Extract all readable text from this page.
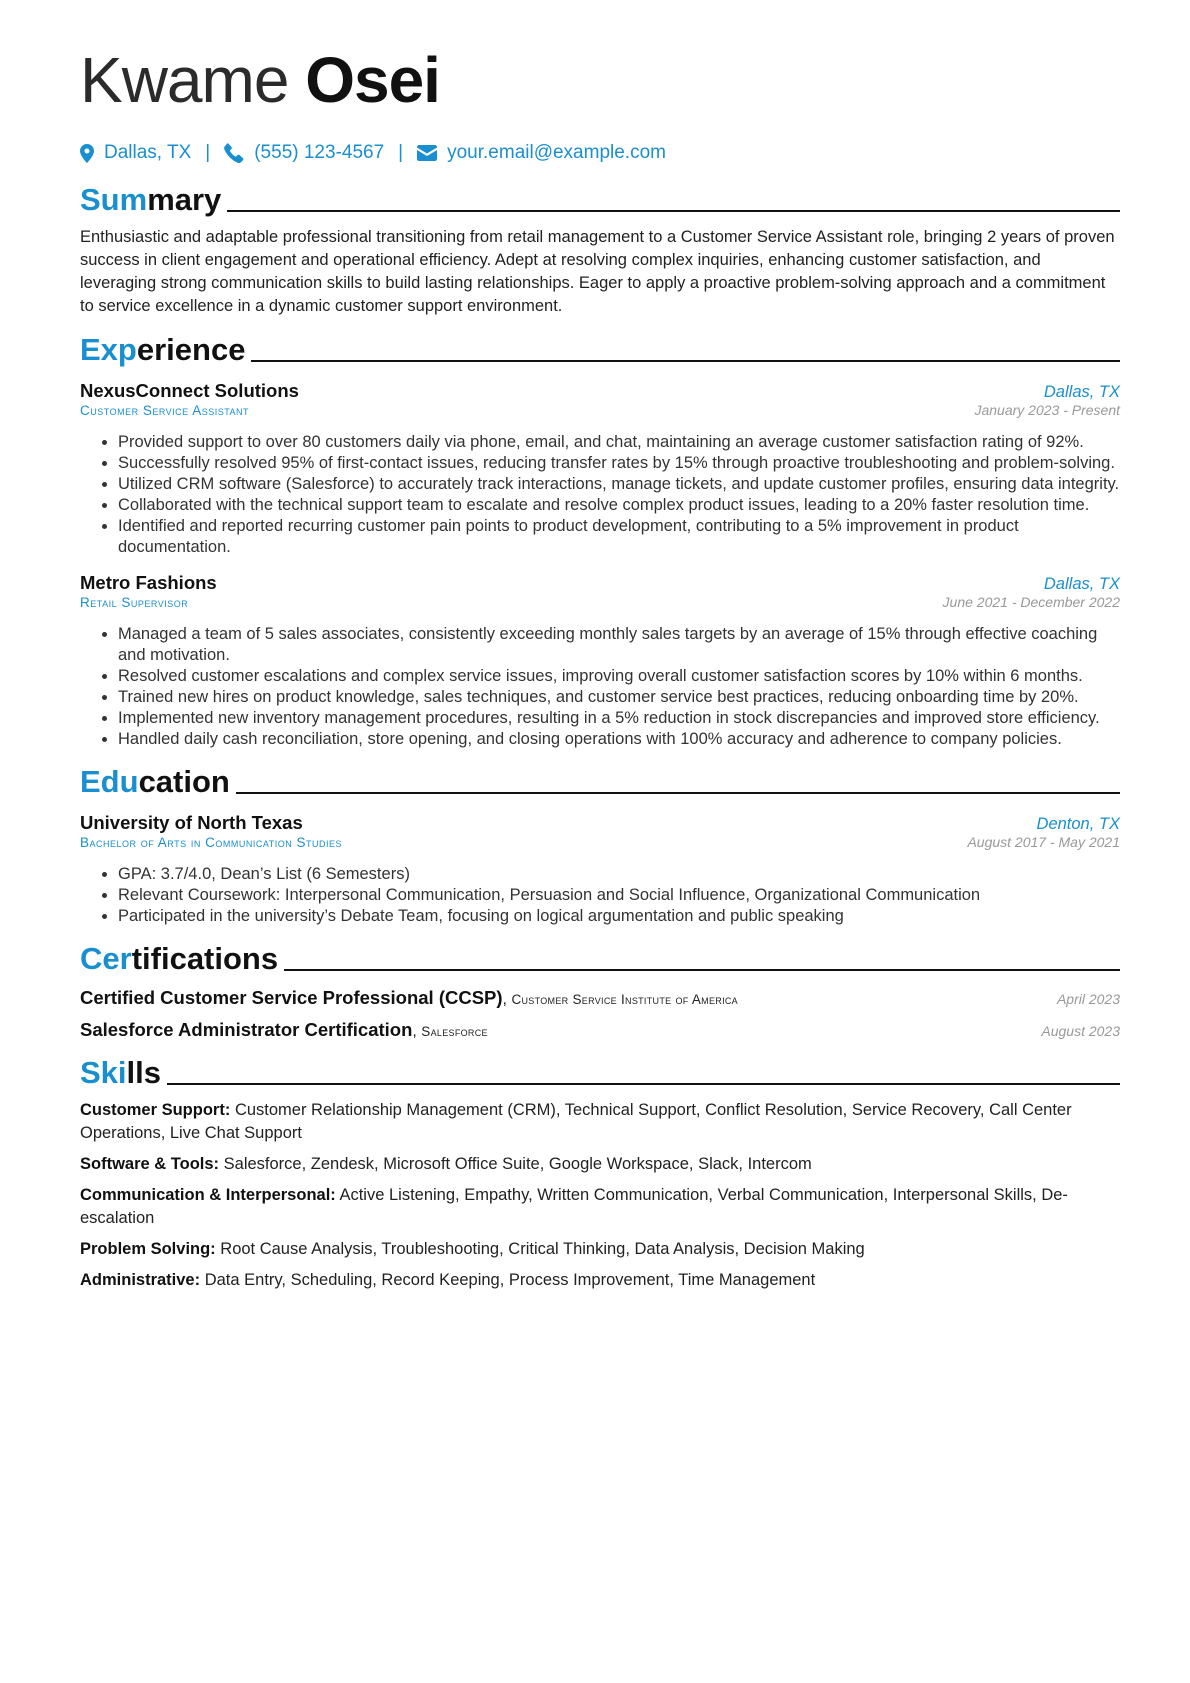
Kwame Osei
Dallas, TX | (555) 123-4567 | your.email@example.com
Summary
Enthusiastic and adaptable professional transitioning from retail management to a Customer Service Assistant role, bringing 2 years of proven success in client engagement and operational efficiency. Adept at resolving complex inquiries, enhancing customer satisfaction, and leveraging strong communication skills to build lasting relationships. Eager to apply a proactive problem-solving approach and a commitment to service excellence in a dynamic customer support environment.
Experience
NexusConnect Solutions	Dallas, TX
Customer Service Assistant	January 2023 - Present
• Provided support to over 80 customers daily via phone, email, and chat, maintaining an average customer satisfaction rating of 92%.
• Successfully resolved 95% of first-contact issues, reducing transfer rates by 15% through proactive troubleshooting and problem-solving.
• Utilized CRM software (Salesforce) to accurately track interactions, manage tickets, and update customer profiles, ensuring data integrity.
• Collaborated with the technical support team to escalate and resolve complex product issues, leading to a 20% faster resolution time.
• Identified and reported recurring customer pain points to product development, contributing to a 5% improvement in product documentation.
Metro Fashions	Dallas, TX
Retail Supervisor	June 2021 - December 2022
• Managed a team of 5 sales associates, consistently exceeding monthly sales targets by an average of 15% through effective coaching and motivation.
• Resolved customer escalations and complex service issues, improving overall customer satisfaction scores by 10% within 6 months.
• Trained new hires on product knowledge, sales techniques, and customer service best practices, reducing onboarding time by 20%.
• Implemented new inventory management procedures, resulting in a 5% reduction in stock discrepancies and improved store efficiency.
• Handled daily cash reconciliation, store opening, and closing operations with 100% accuracy and adherence to company policies.
Education
University of North Texas	Denton, TX
Bachelor of Arts in Communication Studies	August 2017 - May 2021
• GPA: 3.7/4.0, Dean’s List (6 Semesters)
• Relevant Coursework: Interpersonal Communication, Persuasion and Social Influence, Organizational Communication
• Participated in the university’s Debate Team, focusing on logical argumentation and public speaking
Certifications
Certified Customer Service Professional (CCSP), Customer Service Institute of America	April 2023
Salesforce Administrator Certification, Salesforce	August 2023
Skills
Customer Support: Customer Relationship Management (CRM), Technical Support, Conflict Resolution, Service Recovery, Call Center Operations, Live Chat Support
Software & Tools: Salesforce, Zendesk, Microsoft Office Suite, Google Workspace, Slack, Intercom
Communication & Interpersonal: Active Listening, Empathy, Written Communication, Verbal Communication, Interpersonal Skills, De-escalation
Problem Solving: Root Cause Analysis, Troubleshooting, Critical Thinking, Data Analysis, Decision Making
Administrative: Data Entry, Scheduling, Record Keeping, Process Improvement, Time Management
